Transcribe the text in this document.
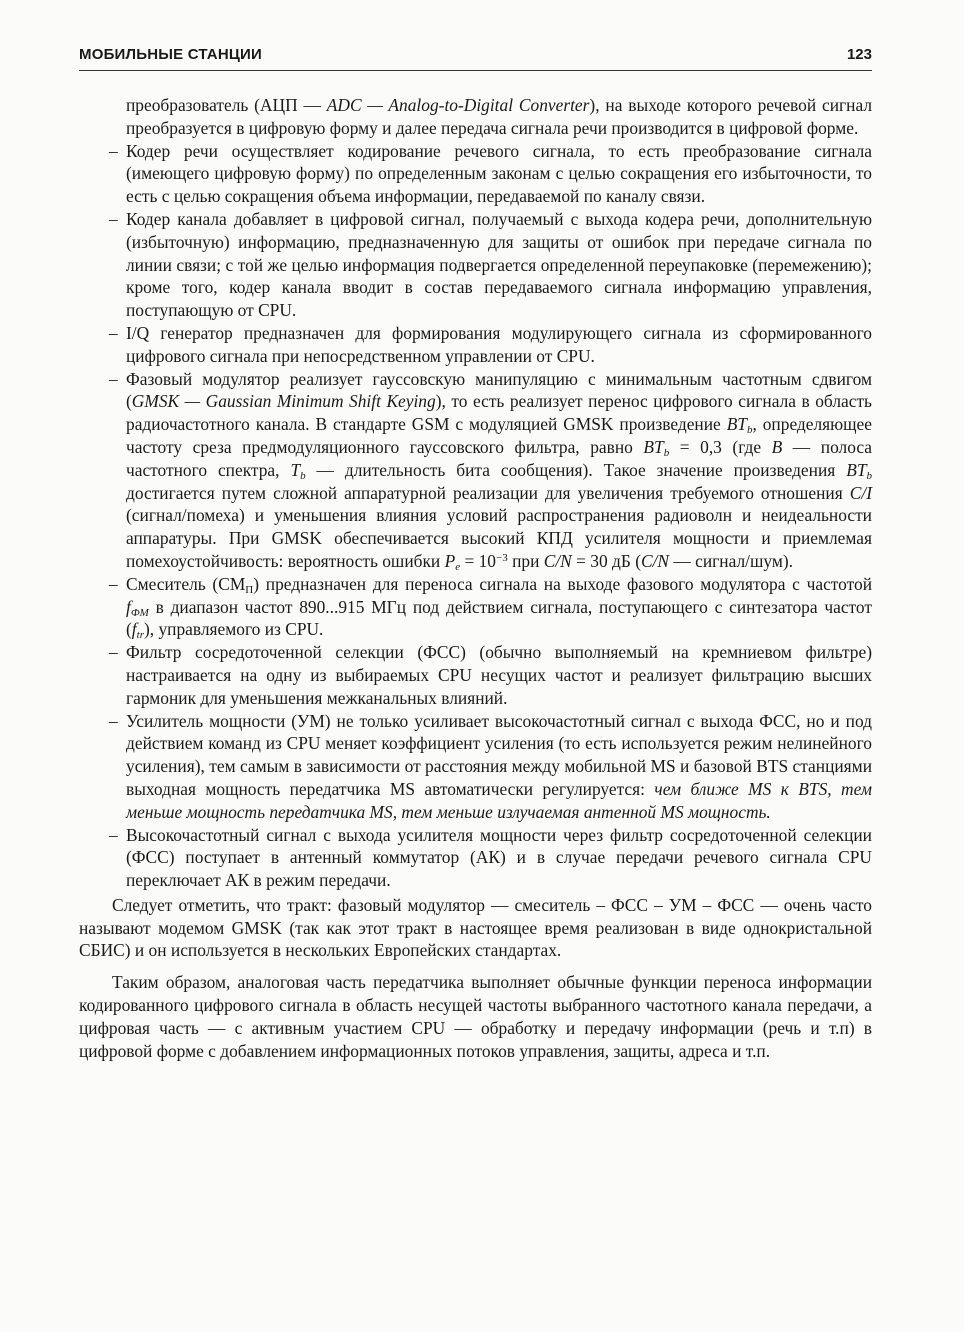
МОБИЛЬНЫЕ СТАНЦИИ	123

преобразователь (АЦП — ADC — Analog-to-Digital Converter), на выходе которого речевой сигнал преобразуется в цифровую форму и далее передача сигнала речи производится в цифровой форме.

– Кодер речи осуществляет кодирование речевого сигнала, то есть преобразование сигнала (имеющего цифровую форму) по определенным законам с целью сокращения его избыточности, то есть с целью сокращения объема информации, передаваемой по каналу связи.
– Кодер канала добавляет в цифровой сигнал, получаемый с выхода кодера речи, дополнительную (избыточную) информацию, предназначенную для защиты от ошибок при передаче сигнала по линии связи; с той же целью информация подвергается определенной переупаковке (перемежению); кроме того, кодер канала вводит в состав передаваемого сигнала информацию управления, поступающую от CPU.
– I/Q генератор предназначен для формирования модулирующего сигнала из сформированного цифрового сигнала при непосредственном управлении от CPU.
– Фазовый модулятор реализует гауссовскую манипуляцию с минимальным частотным сдвигом (GMSK — Gaussian Minimum Shift Keying), то есть реализует перенос цифрового сигнала в область радиочастотного канала. В стандарте GSM с модуляцией GMSK произведение $BT_b$, определяющее частоту среза предмодуляционного гауссовского фильтра, равно $BT_b = 0,3$ (где B — полоса частотного спектра, $T_b$ — длительность бита сообщения). Такое значение произведения $BT_b$ достигается путем сложной аппаратурной реализации для увеличения требуемого отношения C/I (сигнал/помеха) и уменьшения влияния условий распространения радиоволн и неидеальности аппаратуры. При GMSK обеспечивается высокий КПД усилителя мощности и приемлемая помехоустойчивость: вероятность ошибки $P_e = 10^{-3}$ при C/N = 30 дБ (C/N — сигнал/шум).
– Смеситель $(СМ_П)$ предназначен для переноса сигнала на выходе фазового модулятора с частотой $f_{ФМ}$ в диапазон частот 890...915 МГц под действием сигнала, поступающего с синтезатора частот $(f_{tr})$, управляемого из CPU.
– Фильтр сосредоточенной селекции (ФСС) (обычно выполняемый на кремниевом фильтре) настраивается на одну из выбираемых CPU несущих частот и реализует фильтрацию высших гармоник для уменьшения межканальных влияний.
– Усилитель мощности (УМ) не только усиливает высокочастотный сигнал с выхода ФСС, но и под действием команд из CPU меняет коэффициент усиления (то есть используется режим нелинейного усиления), тем самым в зависимости от расстояния между мобильной MS и базовой BTS станциями выходная мощность передатчика MS автоматически регулируется: чем ближе MS к BTS, тем меньше мощность передатчика MS, тем меньше излучаемая антенной MS мощность.
– Высокочастотный сигнал с выхода усилителя мощности через фильтр сосредоточенной селекции (ФСС) поступает в антенный коммутатор (АК) и в случае передачи речевого сигнала CPU переключает АК в режим передачи.

Следует отметить, что тракт: фазовый модулятор — смеситель – ФСС – УМ – ФСС — очень часто называют модемом GMSK (так как этот тракт в настоящее время реализован в виде однокристальной СБИС) и он используется в нескольких Европейских стандартах.

Таким образом, аналоговая часть передатчика выполняет обычные функции переноса информации кодированного цифрового сигнала в область несущей частоты выбранного частотного канала передачи, а цифровая часть — с активным участием CPU — обработку и передачу информации (речь и т.п) в цифровой форме с добавлением информационных потоков управления, защиты, адреса и т.п.
